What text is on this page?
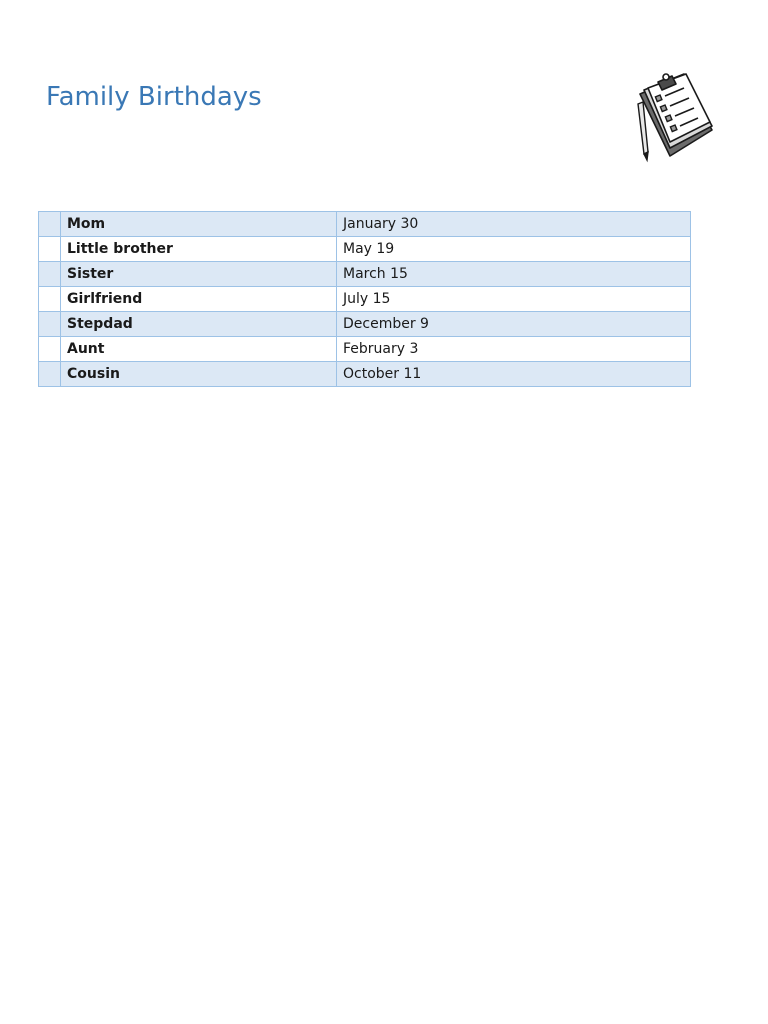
Family Birthdays
	Mom	January 30
	Little brother	May 19
	Sister	March 15
	Girlfriend	July 15
	Stepdad	December 9
	Aunt	February 3
	Cousin	October 11
